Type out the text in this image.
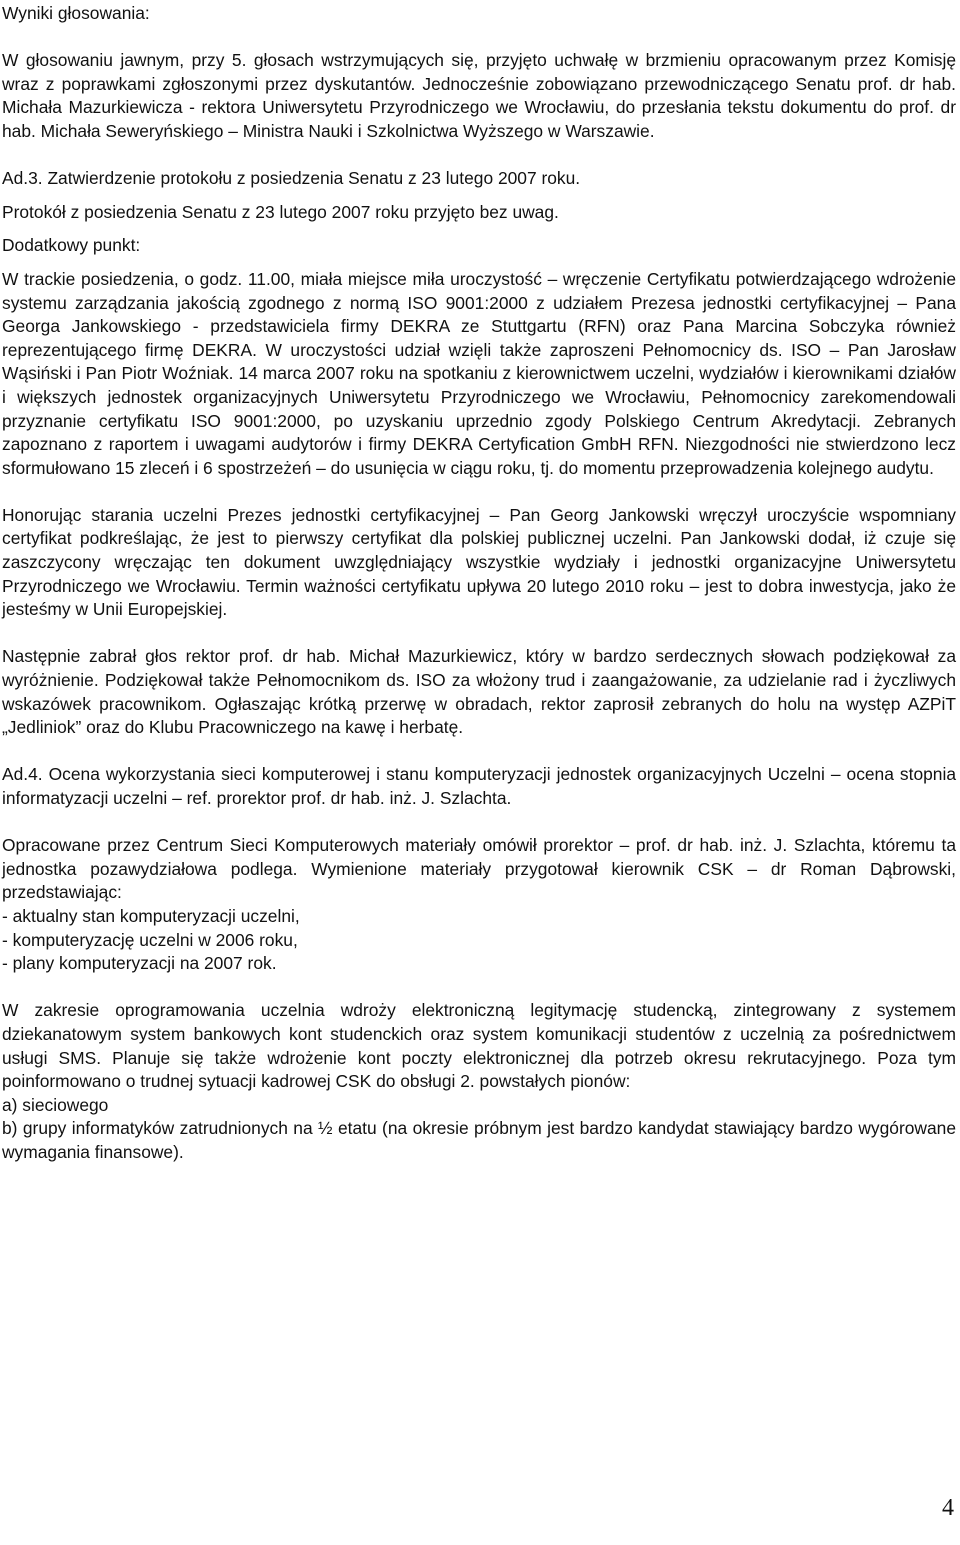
Wyniki głosowania:

W głosowaniu jawnym, przy 5. głosach wstrzymujących się, przyjęto uchwałę w brzmieniu opracowanym przez Komisję wraz z poprawkami zgłoszonymi przez dyskutantów. Jednocześnie zobowiązano przewodniczącego Senatu prof. dr hab. Michała Mazurkiewicza - rektora Uniwersytetu Przyrodniczego we Wrocławiu, do przesłania tekstu dokumentu do prof. dr hab. Michała Seweryńskiego – Ministra Nauki i Szkolnictwa Wyższego w Warszawie.

Ad.3. Zatwierdzenie protokołu z posiedzenia Senatu z 23 lutego 2007 roku.

Protokół z posiedzenia Senatu z 23 lutego 2007 roku przyjęto bez uwag.

Dodatkowy punkt:

W trackie posiedzenia, o godz. 11.00, miała miejsce miła uroczystość – wręczenie Certyfikatu potwierdzającego wdrożenie systemu zarządzania jakością zgodnego z normą ISO 9001:2000 z udziałem Prezesa jednostki certyfikacyjnej – Pana Georga Jankowskiego - przedstawiciela firmy DEKRA ze Stuttgartu (RFN) oraz Pana Marcina Sobczyka również reprezentującego firmę DEKRA. W uroczystości udział wzięli także zaproszeni Pełnomocnicy ds. ISO – Pan Jarosław Wąsiński i Pan Piotr Woźniak. 14 marca 2007 roku na spotkaniu z kierownictwem uczelni, wydziałów i kierownikami działów i większych jednostek organizacyjnych Uniwersytetu Przyrodniczego we Wrocławiu, Pełnomocnicy zarekomendowali przyznanie certyfikatu ISO 9001:2000, po uzyskaniu uprzednio zgody Polskiego Centrum Akredytacji. Zebranych zapoznano z raportem i uwagami audytorów i firmy DEKRA Certyfication GmbH RFN. Niezgodności nie stwierdzono lecz sformułowano 15 zleceń i 6 spostrzeżeń – do usunięcia w ciągu roku, tj. do momentu przeprowadzenia kolejnego audytu.

Honorując starania uczelni Prezes jednostki certyfikacyjnej – Pan Georg Jankowski wręczył uroczyście wspomniany certyfikat podkreślając, że jest to pierwszy certyfikat dla polskiej publicznej uczelni. Pan Jankowski dodał, iż czuje się zaszczycony wręczając ten dokument uwzględniający wszystkie wydziały i jednostki organizacyjne Uniwersytetu Przyrodniczego we Wrocławiu. Termin ważności certyfikatu upływa 20 lutego 2010 roku – jest to dobra inwestycja, jako że jesteśmy w Unii Europejskiej.

Następnie zabrał głos rektor prof. dr hab. Michał Mazurkiewicz, który w bardzo serdecznych słowach podziękował za wyróżnienie. Podziękował także Pełnomocnikom ds. ISO za włożony trud i zaangażowanie, za udzielanie rad i życzliwych wskazówek pracownikom. Ogłaszając krótką przerwę w obradach, rektor zaprosił zebranych do holu na występ AZPiT „Jedliniok” oraz do Klubu Pracowniczego na kawę i herbatę.

Ad.4. Ocena wykorzystania sieci komputerowej i stanu komputeryzacji jednostek organizacyjnych Uczelni – ocena stopnia informatyzacji uczelni – ref. prorektor prof. dr hab. inż. J. Szlachta.

Opracowane przez Centrum Sieci Komputerowych materiały omówił prorektor – prof. dr hab. inż. J. Szlachta, któremu ta jednostka pozawydziałowa podlega. Wymienione materiały przygotował kierownik CSK – dr Roman Dąbrowski, przedstawiając:

- aktualny stan komputeryzacji uczelni,

- komputeryzację uczelni w 2006 roku,

- plany komputeryzacji na 2007 rok.

W zakresie oprogramowania uczelnia wdroży elektroniczną legitymację studencką, zintegrowany z systemem dziekanatowym system bankowych kont studenckich oraz system komunikacji studentów z uczelnią za pośrednictwem usługi SMS. Planuje się także wdrożenie kont poczty elektronicznej dla potrzeb okresu rekrutacyjnego. Poza tym poinformowano o trudnej sytuacji kadrowej CSK do obsługi 2. powstałych pionów:

a) sieciowego

b) grupy informatyków zatrudnionych na ½ etatu (na okresie próbnym jest bardzo kandydat stawiający bardzo wygórowane wymagania finansowe).

4
